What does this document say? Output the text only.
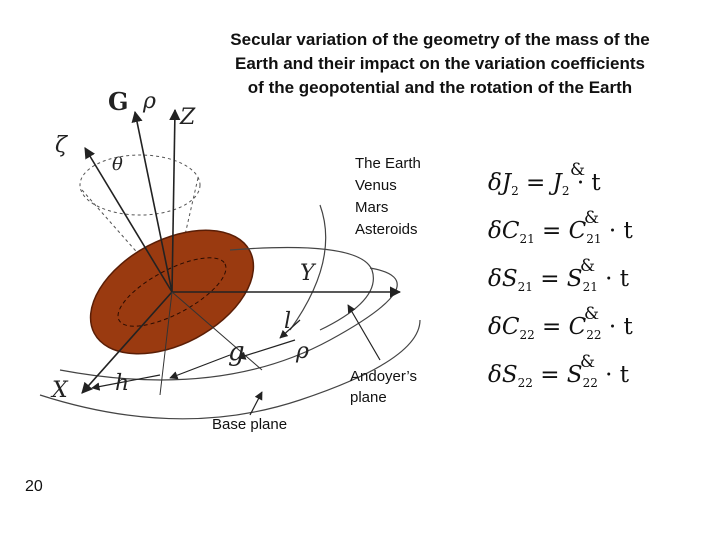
Secular variation of the geometry of the mass of the
Earth and their impact on the variation coefficients
of the geopotential and the rotation of the Earth
G ρ
Z
ζ
θ
Y
l
g ρ
X h
The Earth
Venus
Mars
Asteroids
Andoyer’s
plane
Base plane
$\delta J_2 = J_2$
&
· t
$\delta C_{21} = C_{21}$
& · t
$\delta S_{21} = S_{21}$
& · t
$\delta C_{22} = C_{22}$
& · t
$\delta S_{22} = S_{22}$
& · t
20
